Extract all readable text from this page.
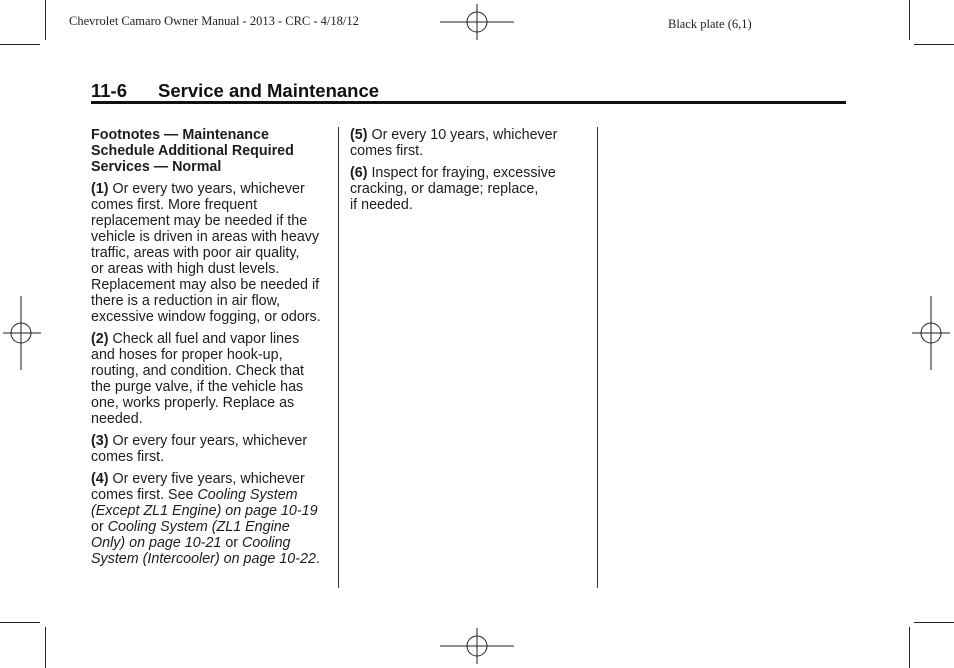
Chevrolet Camaro Owner Manual - 2013 - CRC - 4/18/12	Black plate (6,1)
11-6 Service and Maintenance
Footnotes — Maintenance
Schedule Additional Required
Services — Normal

(1) Or every two years, whichever
comes first. More frequent
replacement may be needed if the
vehicle is driven in areas with heavy
traffic, areas with poor air quality,
or areas with high dust levels.
Replacement may also be needed if
there is a reduction in air flow,
excessive window fogging, or odors.

(2) Check all fuel and vapor lines
and hoses for proper hook-up,
routing, and condition. Check that
the purge valve, if the vehicle has
one, works properly. Replace as
needed.

(3) Or every four years, whichever
comes first.

(4) Or every five years, whichever
comes first. See Cooling System
(Except ZL1 Engine) on page 10-19
or Cooling System (ZL1 Engine
Only) on page 10-21 or Cooling
System (Intercooler) on page 10-22.

(5) Or every 10 years, whichever
comes first.

(6) Inspect for fraying, excessive
cracking, or damage; replace,
if needed.
